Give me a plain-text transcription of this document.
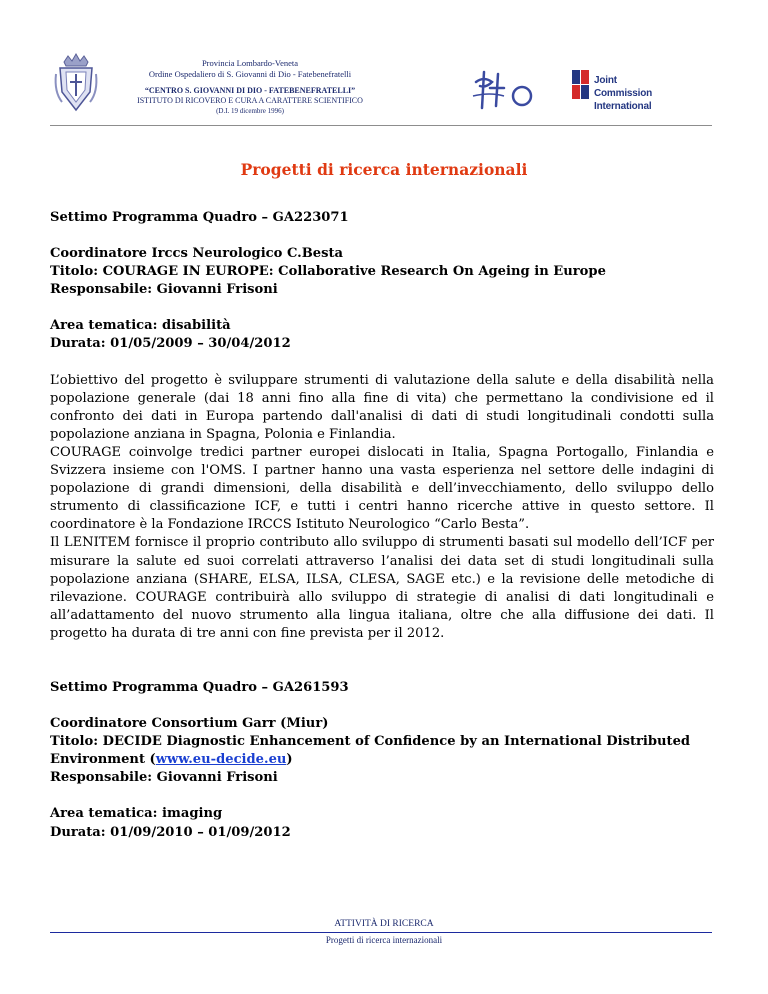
Provincia Lombardo-Veneta
Ordine Ospedaliero di S. Giovanni di Dio - Fatebenefratelli
“CENTRO S. GIOVANNI DI DIO - FATEBENEFRATELLI”
ISTITUTO DI RICOVERO E CURA A CARATTERE SCIENTIFICO
(D.I. 19 dicembre 1996)
Joint Commission
International
Progetti di ricerca internazionali
Settimo Programma Quadro – GA223071
Coordinatore Irccs Neurologico C.Besta
Titolo: COURAGE IN EUROPE: Collaborative Research On Ageing in Europe
Responsabile: Giovanni Frisoni
Area tematica: disabilità
Durata: 01/05/2009 – 30/04/2012
L’obiettivo del progetto è sviluppare strumenti di valutazione della salute e della disabilità nella popolazione generale (dai 18 anni fino alla fine di vita) che permettano la condivisione ed il confronto dei dati in Europa partendo dall'analisi di dati di studi longitudinali condotti sulla popolazione anziana in Spagna, Polonia e Finlandia.
COURAGE coinvolge tredici partner europei dislocati in Italia, Spagna Portogallo, Finlandia e Svizzera insieme con l'OMS. I partner hanno una vasta esperienza nel settore delle indagini di popolazione di grandi dimensioni, della disabilità e dell’invecchiamento, dello sviluppo dello strumento di classificazione ICF, e tutti i centri hanno ricerche attive in questo settore. Il coordinatore è la Fondazione IRCCS Istituto Neurologico “Carlo Besta”.
Il LENITEM fornisce il proprio contributo allo sviluppo di strumenti basati sul modello dell’ICF per misurare la salute ed suoi correlati attraverso l’analisi dei data set di studi longitudinali sulla popolazione anziana (SHARE, ELSA, ILSA, CLESA, SAGE etc.) e la revisione delle metodiche di rilevazione. COURAGE contribuirà allo sviluppo di strategie di analisi di dati longitudinali e all’adattamento del nuovo strumento alla lingua italiana, oltre che alla diffusione dei dati. Il progetto ha durata di tre anni con fine prevista per il 2012.
Settimo Programma Quadro – GA261593
Coordinatore Consortium Garr (Miur)
Titolo: DECIDE Diagnostic Enhancement of Confidence by an International Distributed Environment (www.eu-decide.eu)
Responsabile: Giovanni Frisoni
Area tematica: imaging
Durata: 01/09/2010 – 01/09/2012
ATTIVITÀ DI RICERCA
Progetti di ricerca internazionali
